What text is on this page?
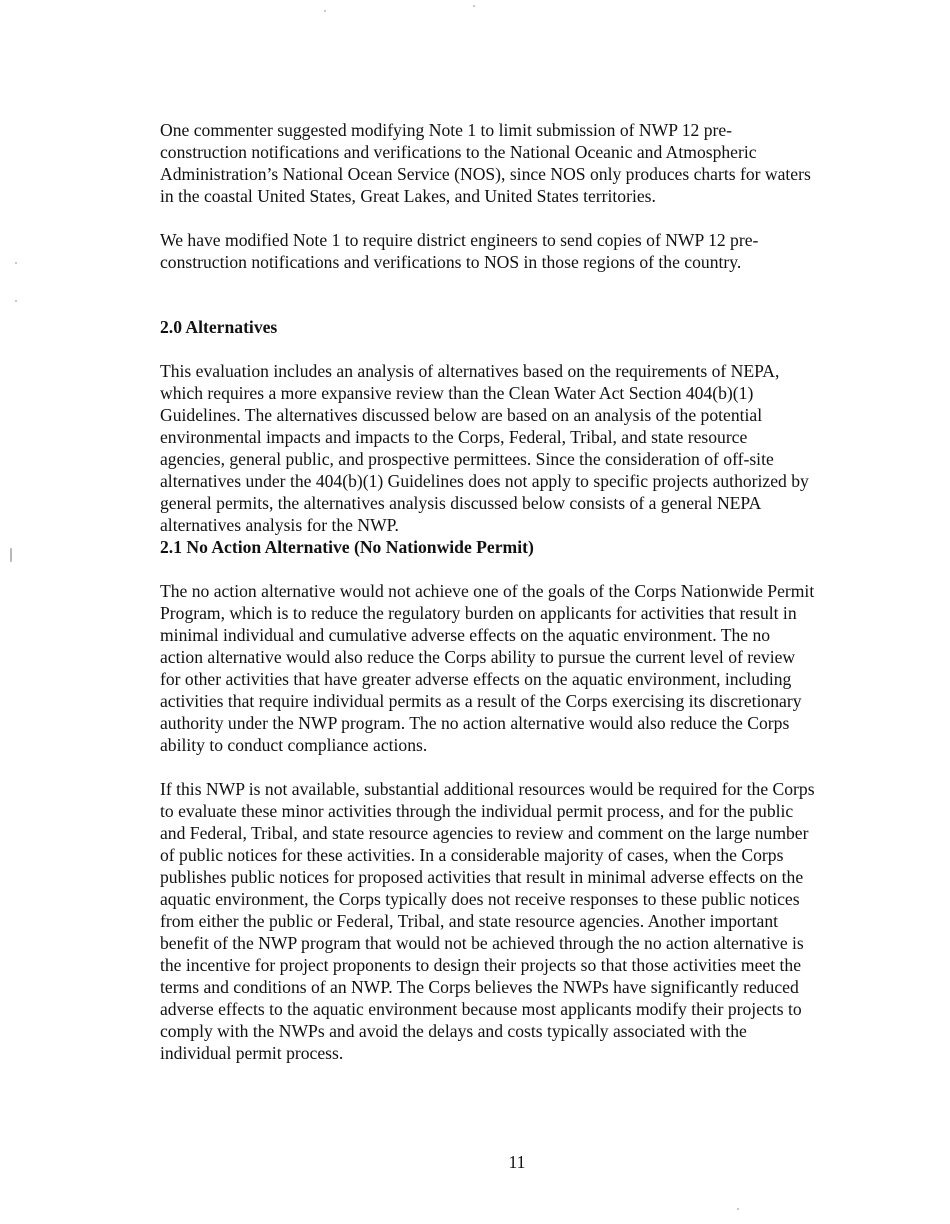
One commenter suggested modifying Note 1 to limit submission of NWP 12 pre-
construction notifications and verifications to the National Oceanic and Atmospheric
Administration’s National Ocean Service (NOS), since NOS only produces charts for waters
in the coastal United States, Great Lakes, and United States territories.
We have modified Note 1 to require district engineers to send copies of NWP 12 pre-
construction notifications and verifications to NOS in those regions of the country.

2.0 Alternatives

This evaluation includes an analysis of alternatives based on the requirements of NEPA,
which requires a more expansive review than the Clean Water Act Section 404(b)(1)
Guidelines. The alternatives discussed below are based on an analysis of the potential
environmental impacts and impacts to the Corps, Federal, Tribal, and state resource
agencies, general public, and prospective permittees. Since the consideration of off-site
alternatives under the 404(b)(1) Guidelines does not apply to specific projects authorized by
general permits, the alternatives analysis discussed below consists of a general NEPA
alternatives analysis for the NWP.

2.1 No Action Alternative (No Nationwide Permit)

The no action alternative would not achieve one of the goals of the Corps Nationwide Permit
Program, which is to reduce the regulatory burden on applicants for activities that result in
minimal individual and cumulative adverse effects on the aquatic environment. The no
action alternative would also reduce the Corps ability to pursue the current level of review
for other activities that have greater adverse effects on the aquatic environment, including
activities that require individual permits as a result of the Corps exercising its discretionary
authority under the NWP program. The no action alternative would also reduce the Corps
ability to conduct compliance actions.
If this NWP is not available, substantial additional resources would be required for the Corps
to evaluate these minor activities through the individual permit process, and for the public
and Federal, Tribal, and state resource agencies to review and comment on the large number
of public notices for these activities. In a considerable majority of cases, when the Corps
publishes public notices for proposed activities that result in minimal adverse effects on the
aquatic environment, the Corps typically does not receive responses to these public notices
from either the public or Federal, Tribal, and state resource agencies. Another important
benefit of the NWP program that would not be achieved through the no action alternative is
the incentive for project proponents to design their projects so that those activities meet the
terms and conditions of an NWP. The Corps believes the NWPs have significantly reduced
adverse effects to the aquatic environment because most applicants modify their projects to
comply with the NWPs and avoid the delays and costs typically associated with the
individual permit process.
11
